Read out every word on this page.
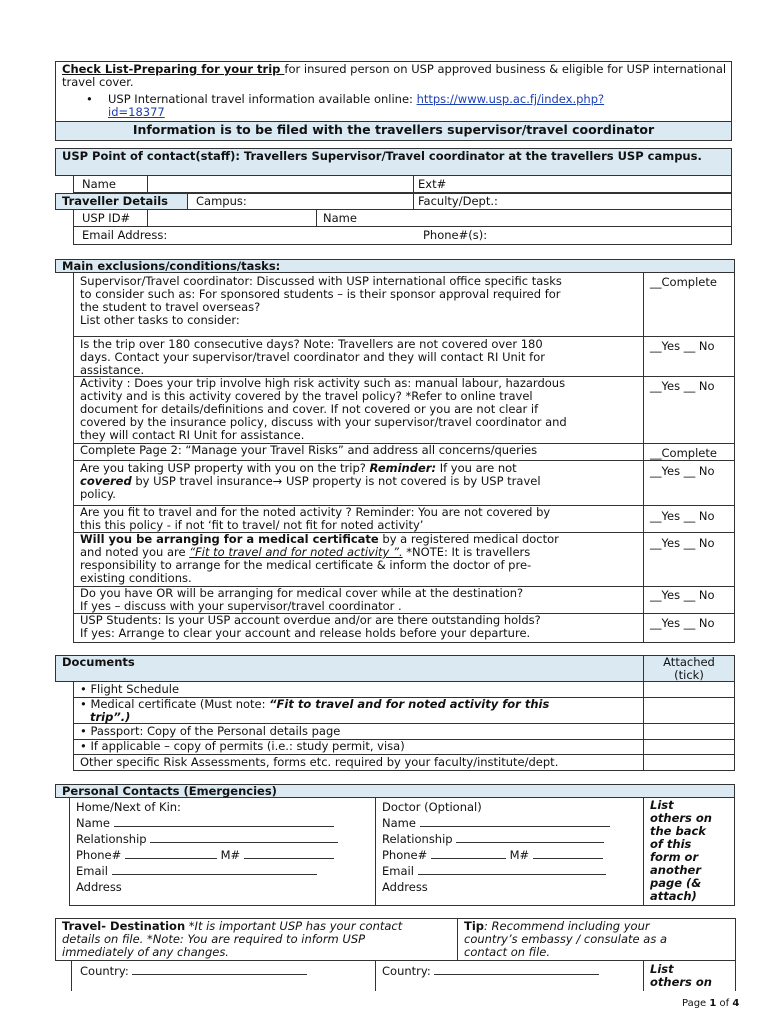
Check List-Preparing for your trip for insured person on USP approved business & eligible for USP international travel cover.
• USP International travel information available online: https://www.usp.ac.fj/index.php?
id=18377
Information is to be filed with the travellers supervisor/travel coordinator
USP Point of contact(staff): Travellers Supervisor/Travel coordinator at the travellers USP campus.
Name	Ext#
Traveller Details Campus:	Faculty/Dept.:
USP ID#	Name
Email Address:	Phone#(s):
Main exclusions/conditions/tasks:
Supervisor/Travel coordinator: Discussed with USP international office specific tasks
to consider such as: For sponsored students – is their sponsor approval required for
the student to travel overseas?
List other tasks to consider:
__Complete
Is the trip over 180 consecutive days? Note: Travellers are not covered over 180
days. Contact your supervisor/travel coordinator and they will contact RI Unit for
assistance.
__Yes __ No
Activity : Does your trip involve high risk activity such as: manual labour, hazardous
activity and is this activity covered by the travel policy? *Refer to online travel
document for details/definitions and cover. If not covered or you are not clear if
covered by the insurance policy, discuss with your supervisor/travel coordinator and
they will contact RI Unit for assistance.
__Yes __ No
Complete Page 2: “Manage your Travel Risks” and address all concerns/queries	__Complete
Are you taking USP property with you on the trip? Reminder: If you are not
covered by USP travel insurance→ USP property is not covered is by USP travel
policy.
__Yes __ No
Are you fit to travel and for the noted activity ? Reminder: You are not covered by
this this policy - if not ‘fit to travel/ not fit for noted activity’
__Yes __ No
Will you be arranging for a medical certificate by a registered medical doctor
and noted you are “Fit to travel and for noted activity ”. *NOTE: It is travellers
responsibility to arrange for the medical certificate & inform the doctor of pre-
existing conditions.
__Yes __ No
Do you have OR will be arranging for medical cover while at the destination?
If yes – discuss with your supervisor/travel coordinator .
__Yes __ No
USP Students: Is your USP account overdue and/or are there outstanding holds?
If yes: Arrange to clear your account and release holds before your departure.
__Yes __ No
Documents	Attached
(tick)
• Flight Schedule
• Medical certificate (Must note: “Fit to travel and for noted activity for this
trip”.)
• Passport: Copy of the Personal details page
• If applicable – copy of permits (i.e.: study permit, visa)
Other specific Risk Assessments, forms etc. required by your faculty/institute/dept.
Personal Contacts (Emergencies)
Home/Next of Kin:
Name
Relationship
Phone#	M#
Email
Address
Doctor (Optional)
Name
Relationship
Phone#	M#
Email
Address
List
others on
the back
of this
form or
another
page (&
attach)
Travel- Destination *It is important USP has your contact
details on file. *Note: You are required to inform USP
immediately of any changes.
Tip: Recommend including your
country’s embassy / consulate as a
contact on file.
Country:	Country:	List
others on
Page 1 of 4
